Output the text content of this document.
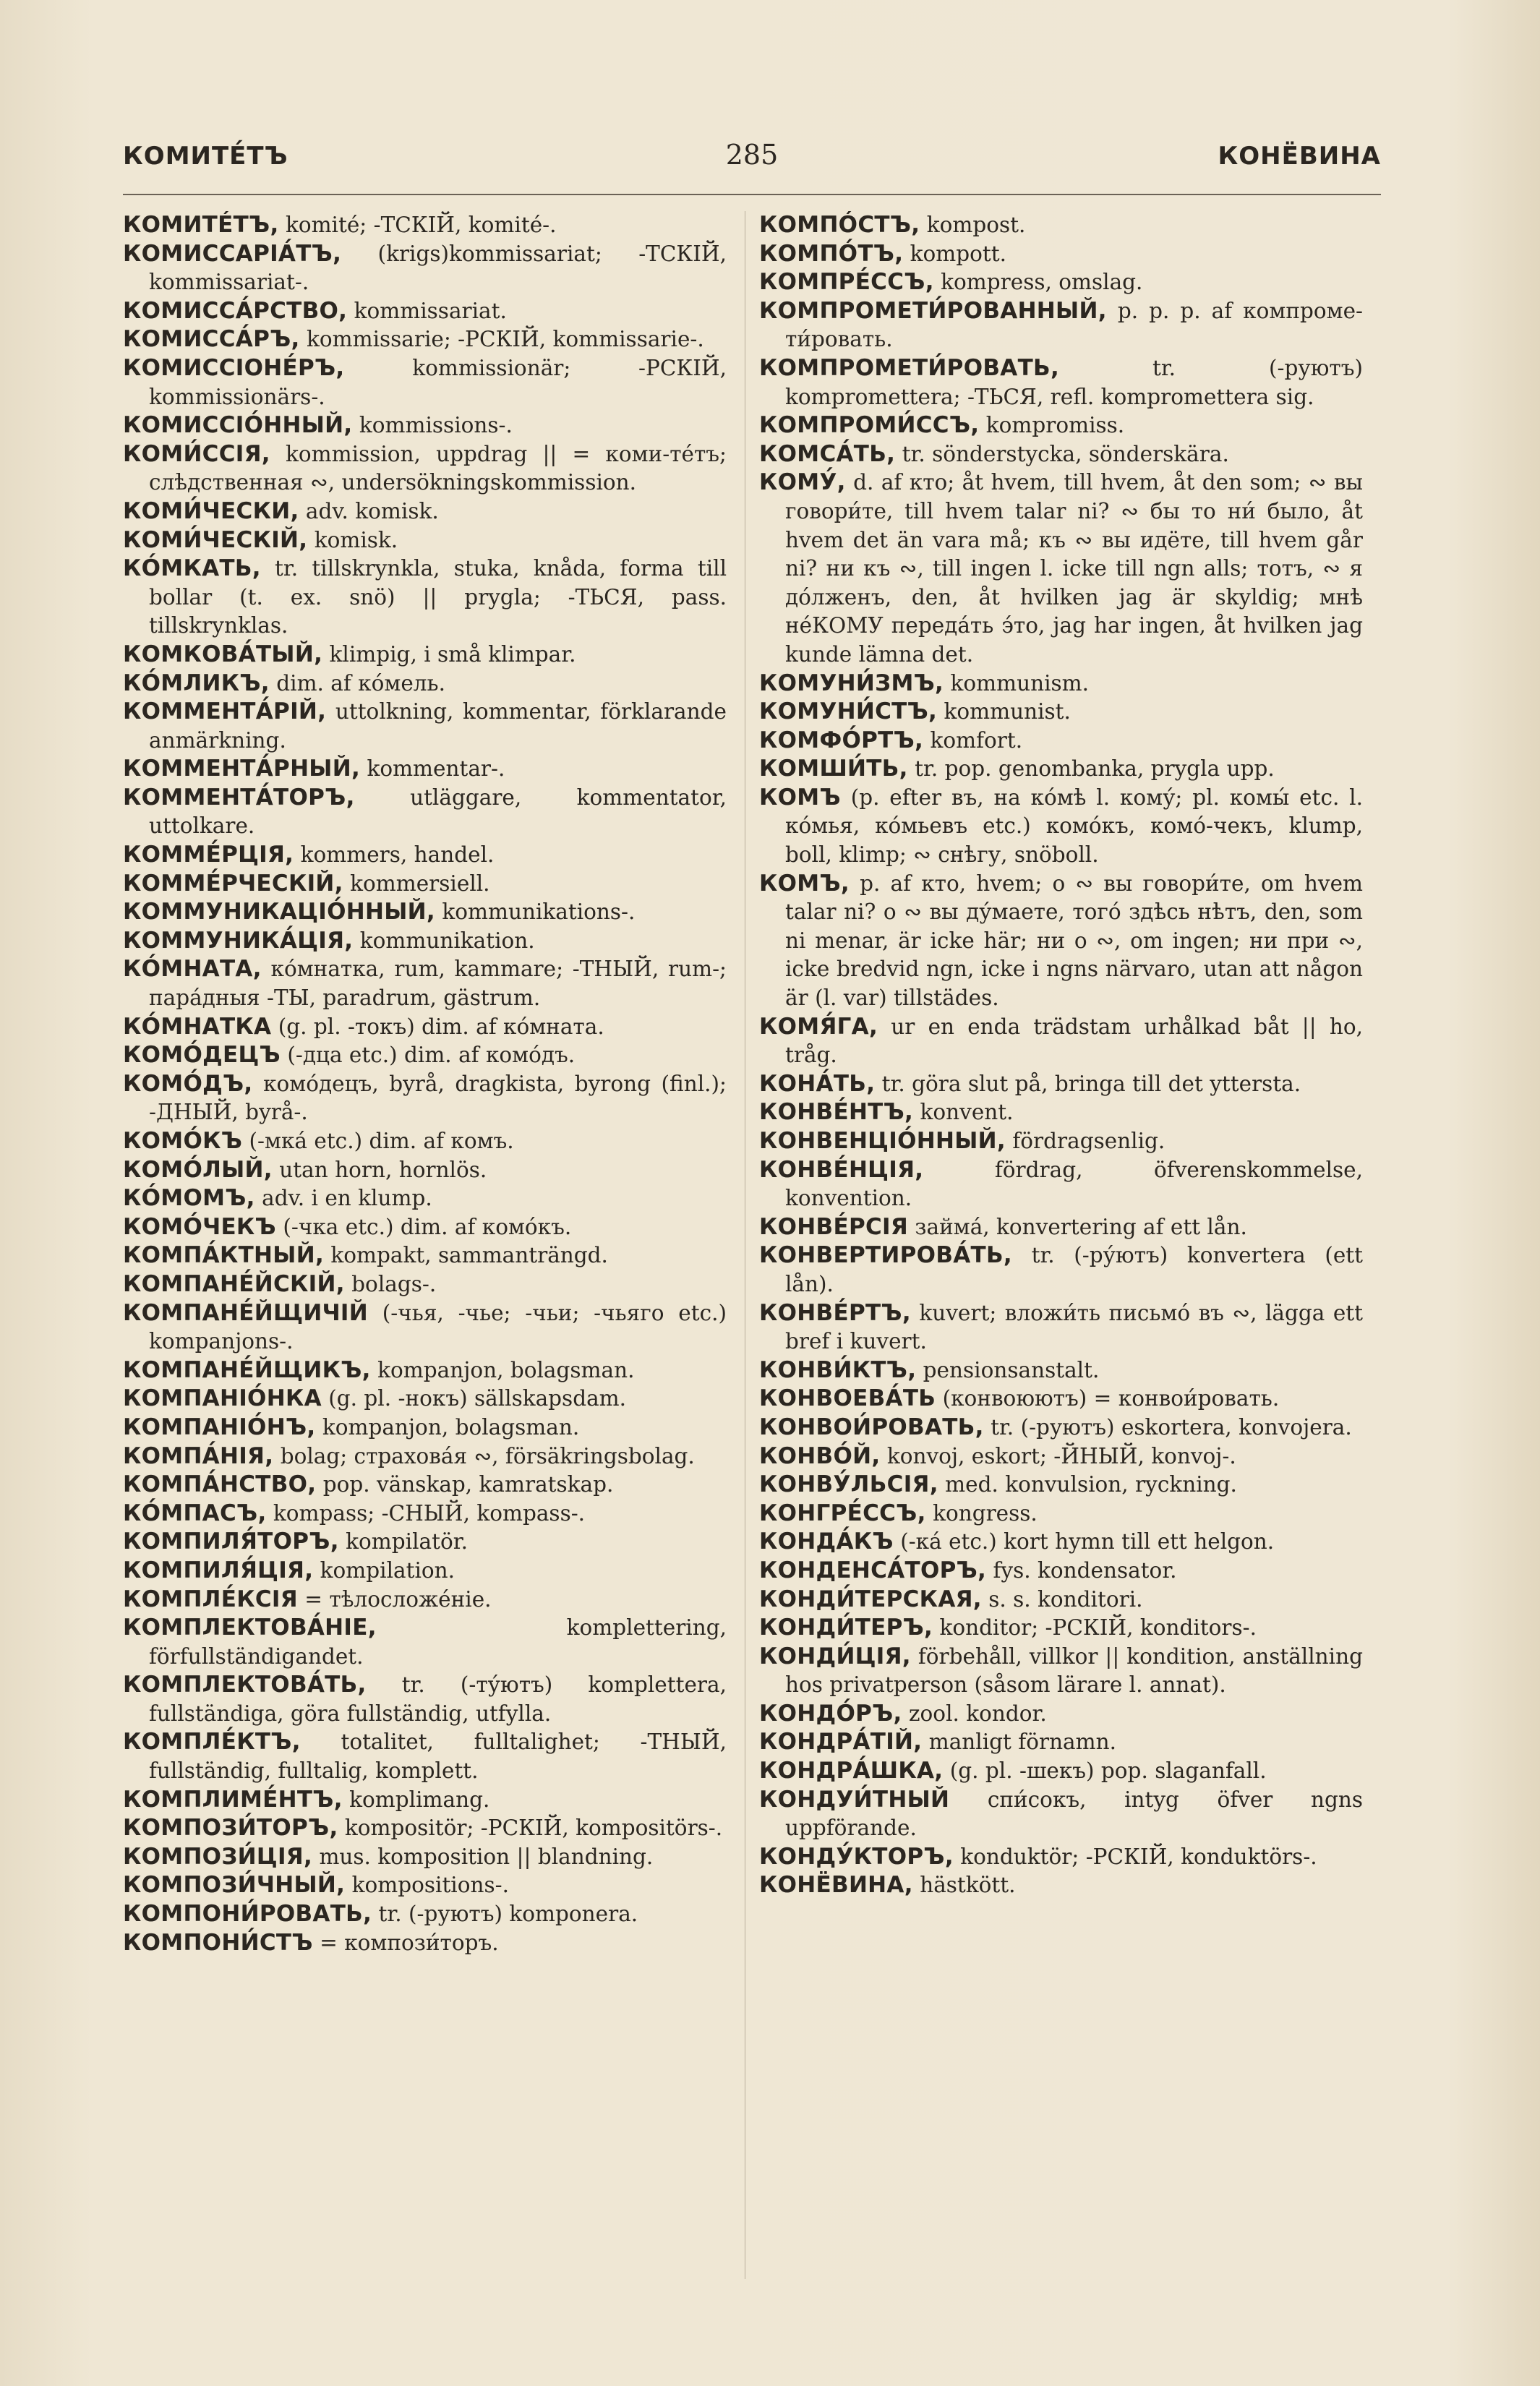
КОМИТЕ́ТЪ	285	КОНЁВИНА

КОМИТЕ́ТЪ, komité; -ТСКІЙ, komité-.

КОМИССАРІА́ТЪ, (krigs)kommissariat; -ТСКІЙ, kommissariat-.

КОМИССА́РСТВО, kommissariat.

КОМИССА́РЪ, kommissarie; -РСКІЙ, kommissarie-.

КОМИССІОНЕ́РЪ, kommissionär; -РСКІЙ, kommissionärs-.

КОМИССІО́ННЫЙ, kommissions-.

КОМИ́ССІЯ, kommission, uppdrag || = коми-те́тъ; слѣдственная ∾, undersökningskommission.

КОМИ́ЧЕСКИ, adv. komisk.

КОМИ́ЧЕСКІЙ, komisk.

КО́МКАТЬ, tr. tillskrynkla, stuka, knåda, forma till bollar (t. ex. snö) || prygla; -ТЬСЯ, pass. tillskrynklas.

КОМКОВА́ТЫЙ, klimpig, i små klimpar.

КО́МЛИКЪ, dim. af ко́мель.

КОММЕНТА́РІЙ, uttolkning, kommentar, förklarande anmärkning.

КОММЕНТА́РНЫЙ, kommentar-.

КОММЕНТА́ТОРЪ, utläggare, kommentator, uttolkare.

КОММЕ́РЦІЯ, kommers, handel.

КОММЕ́РЧЕСКІЙ, kommersiell.

КОММУНИКАЦІО́ННЫЙ, kommunikations-.

КОММУНИКА́ЦІЯ, kommunikation.

КО́МНАТА, ко́мнатка, rum, kammare; -ТНЫЙ, rum-; пара́дныя -ТЫ, paradrum, gästrum.

КО́МНАТКА (g. pl. -токъ) dim. af ко́мната.

КОМО́ДЕЦЪ (-дца etc.) dim. af комо́дъ.

КОМО́ДЪ, комо́децъ, byrå, dragkista, byrong (finl.); -ДНЫЙ, byrå-.

КОМО́КЪ (-мка́ etc.) dim. af комъ.

КОМО́ЛЫЙ, utan horn, hornlös.

КО́МОМЪ, adv. i en klump.

КОМО́ЧЕКЪ (-чка etc.) dim. af комо́къ.

КОМПА́КТНЫЙ, kompakt, sammanträngd.

КОМПАНЕ́ЙСКІЙ, bolags-.

КОМПАНЕ́ЙЩИЧІЙ (-чья, -чье; -чьи; -чьяго etc.) kompanjons-.

КОМПАНЕ́ЙЩИКЪ, kompanjon, bolagsman.

КОМПАНІО́НКА (g. pl. -нокъ) sällskapsdam.

КОМПАНІО́НЪ, kompanjon, bolagsman.

КОМПА́НІЯ, bolag; страхова́я ∾, försäkringsbolag.

КОМПА́НСТВО, pop. vänskap, kamratskap.

КО́МПАСЪ, kompass; -СНЫЙ, kompass-.

КОМПИЛЯ́ТОРЪ, kompilatör.

КОМПИЛЯ́ЦІЯ, kompilation.

КОМПЛЕ́КСІЯ = тѣлосложе́ніе.

КОМПЛЕКТОВА́НІЕ, komplettering, förfullständigandet.

КОМПЛЕКТОВА́ТЬ, tr. (-ту́ютъ) komplettera, fullständiga, göra fullständig, utfylla.

КОМПЛЕ́КТЪ, totalitet, fulltalighet; -ТНЫЙ, fullständig, fulltalig, komplett.

КОМПЛИМЕ́НТЪ, komplimang.

КОМПОЗИ́ТОРЪ, kompositör; -РСКІЙ, kompositörs-.

КОМПОЗИ́ЦІЯ, mus. komposition || blandning.

КОМПОЗИ́ЧНЫЙ, kompositions-.

КОМПОНИ́РОВАТЬ, tr. (-руютъ) komponera.

КОМПОНИ́СТЪ = компози́торъ.

КОМПО́СТЪ, kompost.

КОМПО́ТЪ, kompott.

КОМПРЕ́ССЪ, kompress, omslag.

КОМПРОМЕТИ́РОВАННЫЙ, p. p. p. af компроме-ти́ровать.

КОМПРОМЕТИ́РОВАТЬ, tr. (-руютъ) kompromettera; -ТЬСЯ, refl. kompromettera sig.

КОМПРОМИ́ССЪ, kompromiss.

КОМСА́ТЬ, tr. sönderstycka, sönderskära.

КОМУ́, d. af кто; åt hvem, till hvem, åt den som; ∾ вы говори́те, till hvem talar ni? ∾ бы то ни́ было, åt hvem det än vara må; къ ∾ вы идёте, till hvem går ni? ни къ ∾, till ingen l. icke till ngn alls; тотъ, ∾ я до́лженъ, den, åt hvilken jag är skyldig; мнѣ не́КОМУ переда́ть э́то, jag har ingen, åt hvilken jag kunde lämna det.

КОМУНИ́ЗМЪ, kommunism.

КОМУНИ́СТЪ, kommunist.

КОМФО́РТЪ, komfort.

КОМШИ́ТЬ, tr. pop. genombanka, prygla upp.

КОМЪ (p. efter въ, на ко́мѣ l. кому́; pl. комы́ etc. l. ко́мья, ко́мьевъ etc.) комо́къ, комо́-чекъ, klump, boll, klimp; ∾ снѣгу, snöboll.

КОМЪ, p. af кто, hvem; о ∾ вы говори́те, om hvem talar ni? о ∾ вы ду́маете, того́ здѣсь нѣтъ, den, som ni menar, är icke här; ни о ∾, om ingen; ни при ∾, icke bredvid ngn, icke i ngns närvaro, utan att någon är (l. var) tillstädes.

КОМЯ́ГА, ur en enda trädstam urhålkad båt || ho, tråg.

КОНА́ТЬ, tr. göra slut på, bringa till det yttersta.

КОНВЕ́НТЪ, konvent.

КОНВЕНЦІО́ННЫЙ, fördragsenlig.

КОНВЕ́НЦІЯ, fördrag, öfverenskommelse, konvention.

КОНВЕ́РСІЯ займа́, konvertering af ett lån.

КОНВЕРТИРОВА́ТЬ, tr. (-ру́ютъ) konvertera (ett lån).

КОНВЕ́РТЪ, kuvert; вложи́ть письмо́ въ ∾, lägga ett bref i kuvert.

КОНВИ́КТЪ, pensionsanstalt.

КОНВОЕВА́ТЬ (конвоюютъ) = конвои́ровать.

КОНВОИ́РОВАТЬ, tr. (-руютъ) eskortera, konvojera.

КОНВО́Й, konvoj, eskort; -ЙНЫЙ, konvoj-.

КОНВУ́ЛЬСІЯ, med. konvulsion, ryckning.

КОНГРЕ́ССЪ, kongress.

КОНДА́КЪ (-ка́ etc.) kort hymn till ett helgon.

КОНДЕНСА́ТОРЪ, fys. kondensator.

КОНДИ́ТЕРСКАЯ, s. s. konditori.

КОНДИ́ТЕРЪ, konditor; -РСКІЙ, konditors-.

КОНДИ́ЦІЯ, förbehåll, villkor || kondition, anställning hos privatperson (såsom lärare l. annat).

КОНДО́РЪ, zool. kondor.

КОНДРА́ТІЙ, manligt förnamn.

КОНДРА́ШКА, (g. pl. -шекъ) pop. slaganfall.

КОНДУИ́ТНЫЙ спи́сокъ, intyg öfver ngns uppförande.

КОНДУ́КТОРЪ, konduktör; -РСКІЙ, konduktörs-.

КОНЁВИНА, hästkött.
